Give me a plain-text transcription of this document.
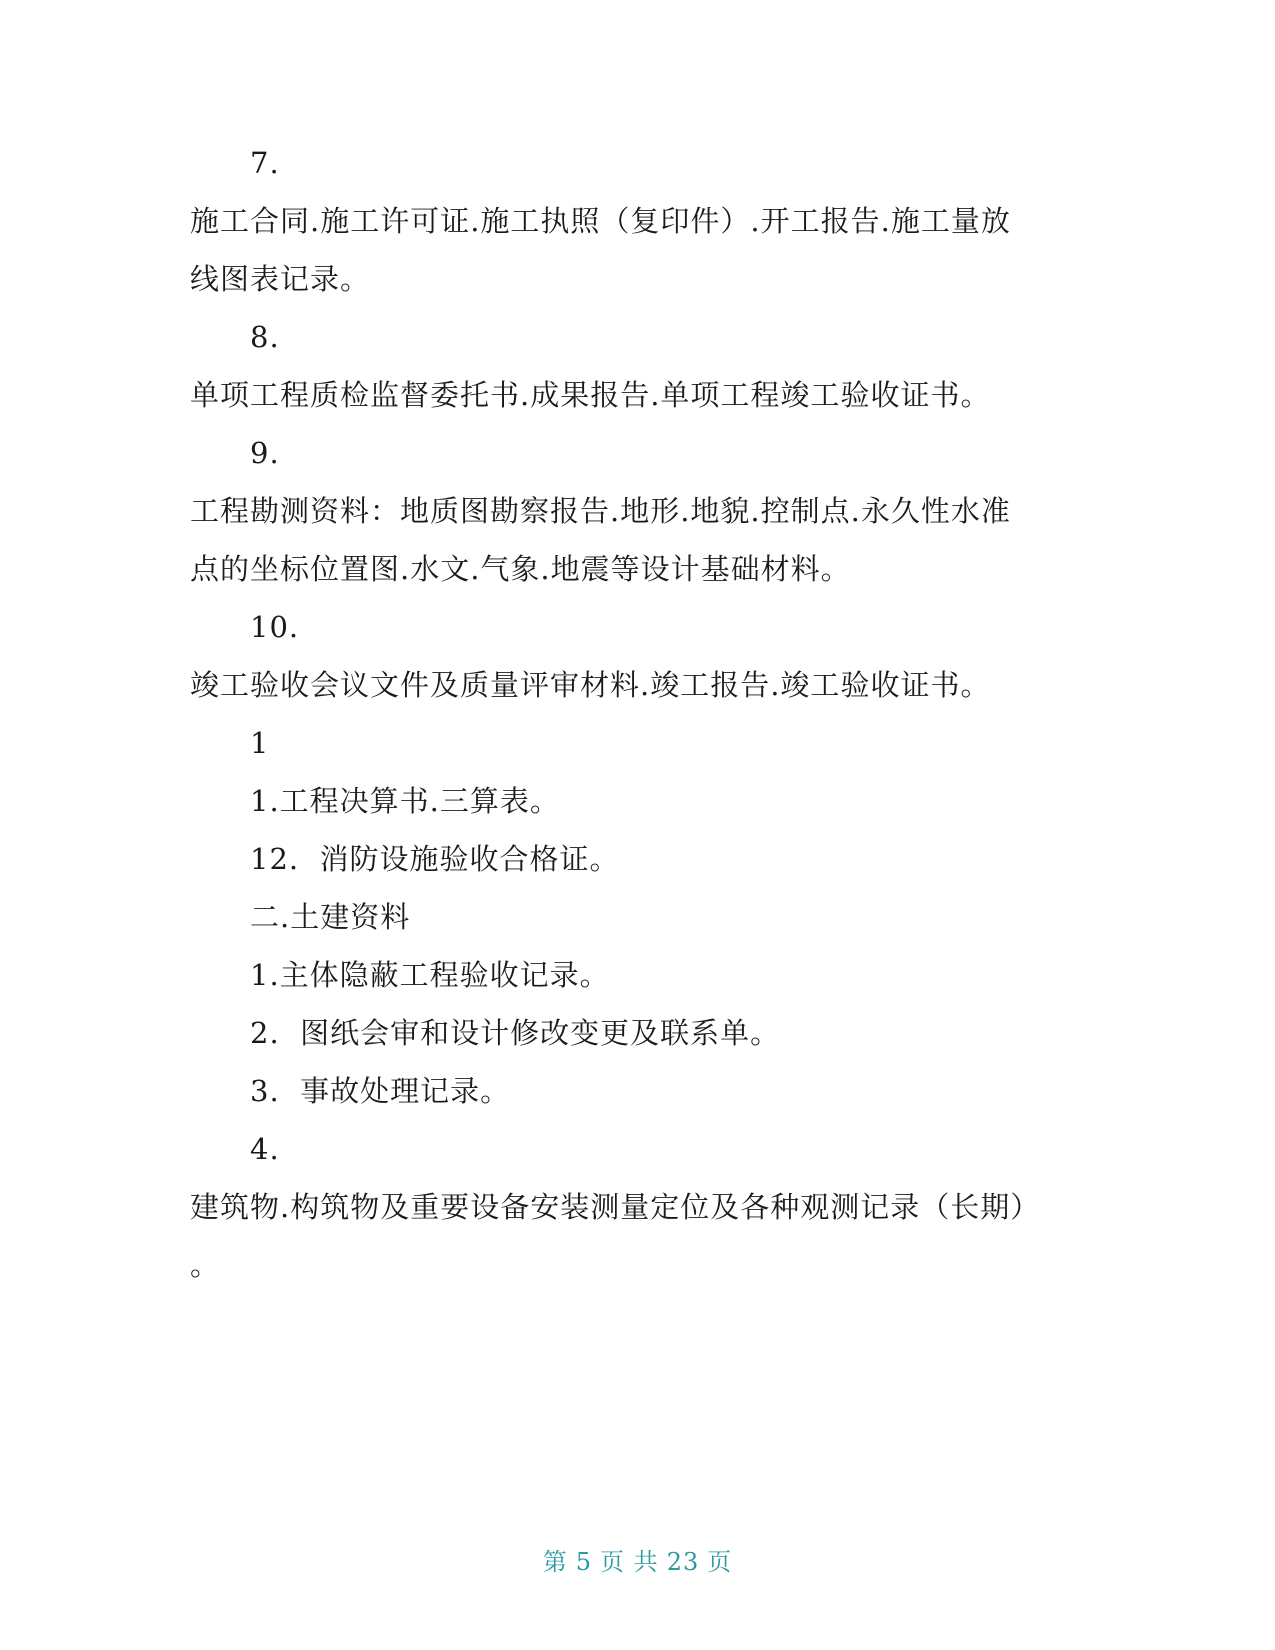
7.
施工合同.施工许可证.施工执照（复印件）.开工报告.施工量放
线图表记录。
8.
单项工程质检监督委托书.成果报告.单项工程竣工验收证书。
9.
工程勘测资料：地质图勘察报告.地形.地貌.控制点.永久性水准
点的坐标位置图.水文.气象.地震等设计基础材料。
10.
竣工验收会议文件及质量评审材料.竣工报告.竣工验收证书。
1
1.工程决算书.三算表。
12.  消防设施验收合格证。
二.土建资料
1.主体隐蔽工程验收记录。
2.  图纸会审和设计修改变更及联系单。
3.  事故处理记录。
4.
建筑物.构筑物及重要设备安装测量定位及各种观测记录（长期）
。
第 5 页 共 23 页
